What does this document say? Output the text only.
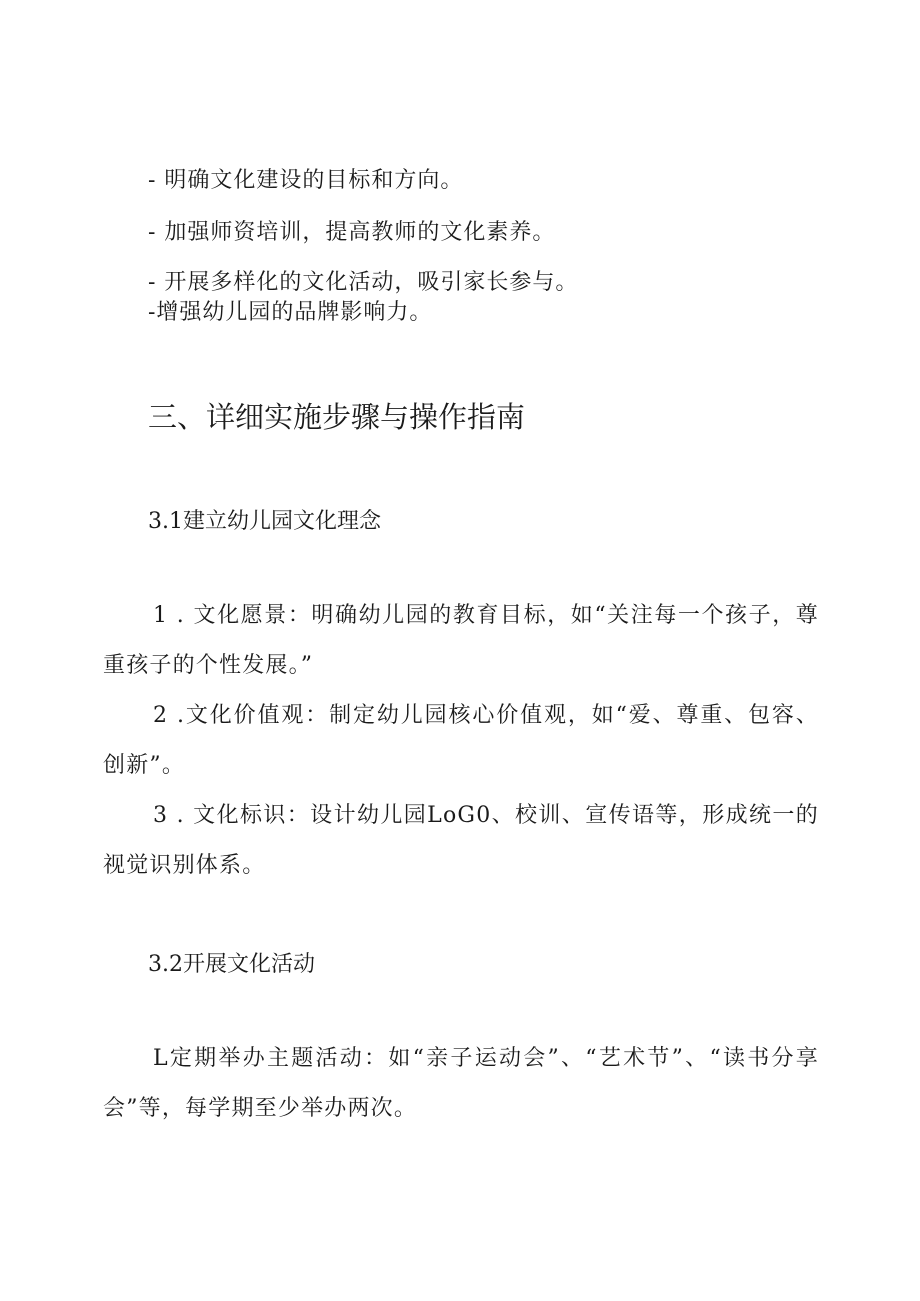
- 明确文化建设的目标和方向。
- 加强师资培训，提高教师的文化素养。
- 开展多样化的文化活动，吸引家长参与。
-增强幼儿园的品牌影响力。
三、详细实施步骤与操作指南
3.1建立幼儿园文化理念
1 . 文化愿景：明确幼儿园的教育目标，如“关注每一个孩子，尊重孩子的个性发展。”
2 .文化价值观：制定幼儿园核心价值观，如“爱、尊重、包容、创新”。
3 . 文化标识：设计幼儿园LoG0、校训、宣传语等，形成统一的视觉识别体系。
3.2开展文化活动
L定期举办主题活动：如“亲子运动会”、“艺术节”、“读书分享会”等，每学期至少举办两次。
